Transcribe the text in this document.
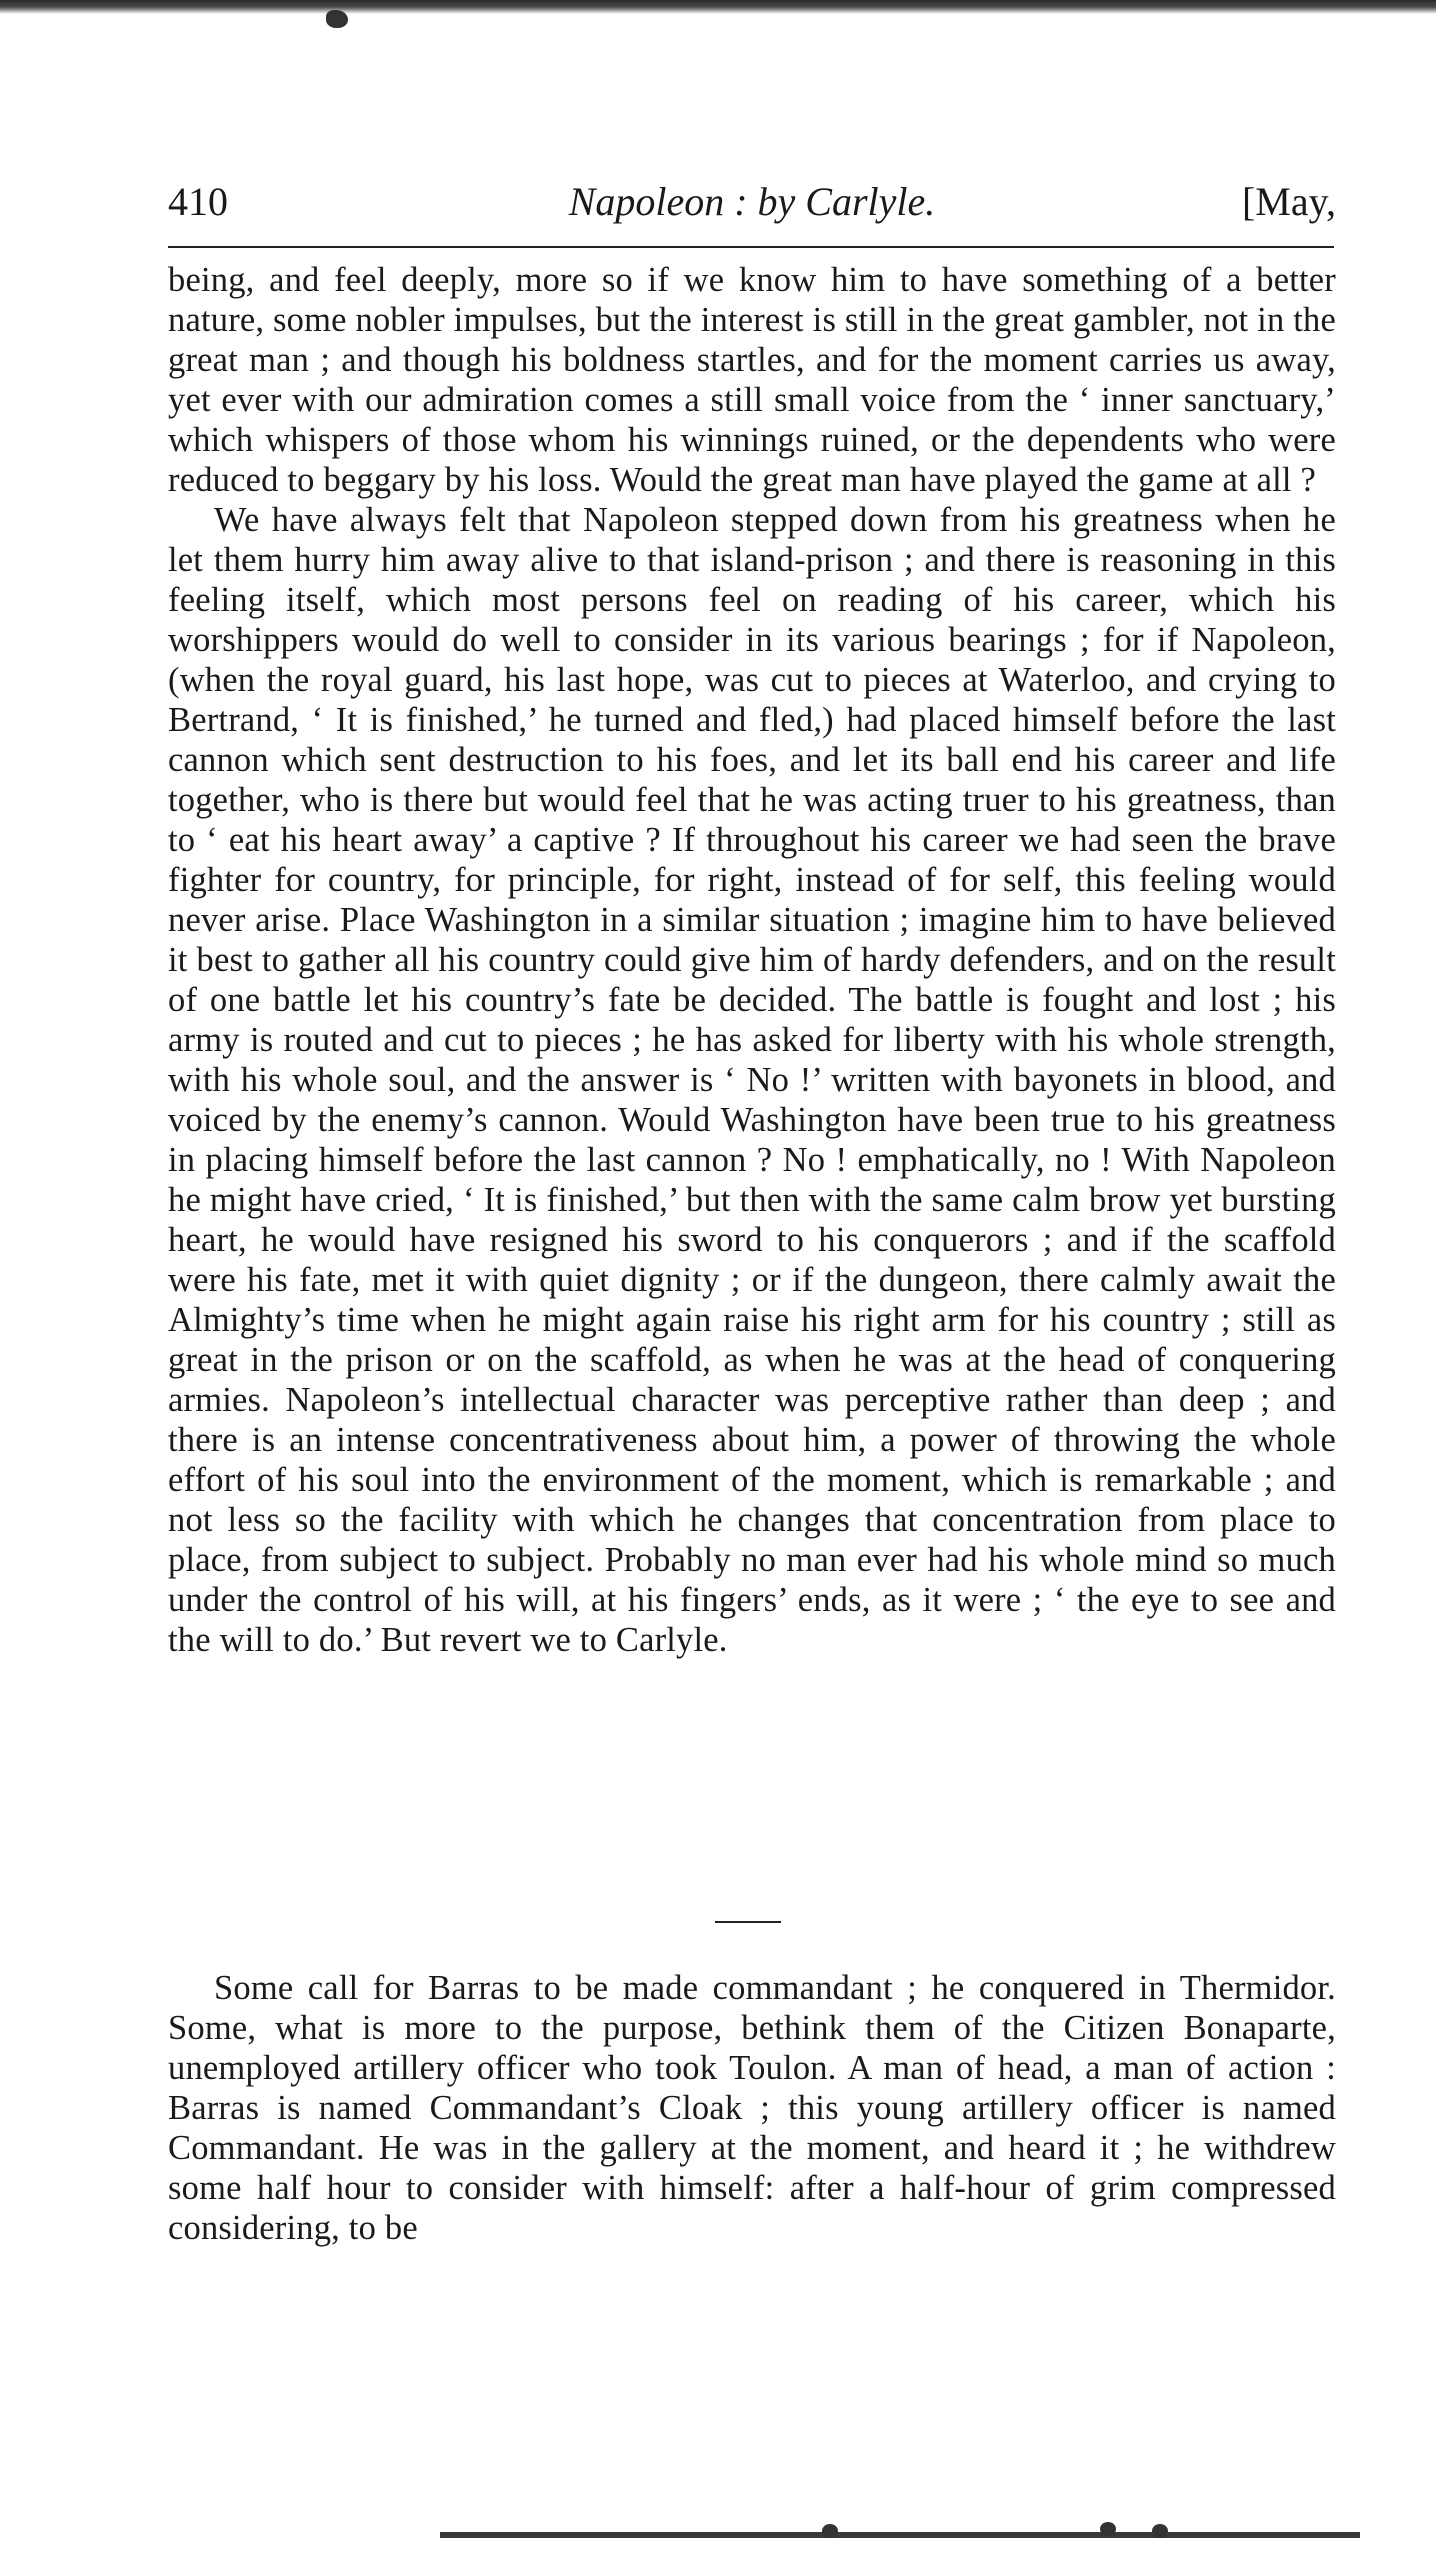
410	Napoleon : by Carlyle.	[May,

being, and feel deeply, more so if we know him to have something of a better nature, some nobler impulses, but the interest is still in the great gambler, not in the great man ; and though his boldness startles, and for the moment carries us away, yet ever with our admiration comes a still small voice from the ‘ inner sanctuary,’ which whispers of those whom his winnings ruined, or the dependents who were reduced to beggary by his loss. Would the great man have played the game at all ?

We have always felt that Napoleon stepped down from his greatness when he let them hurry him away alive to that island-prison ; and there is reasoning in this feeling itself, which most persons feel on reading of his career, which his worshippers would do well to consider in its various bearings ; for if Napoleon, (when the royal guard, his last hope, was cut to pieces at Waterloo, and crying to Bertrand, ‘ It is finished,’ he turned and fled,) had placed himself before the last cannon which sent destruction to his foes, and let its ball end his career and life together, who is there but would feel that he was acting truer to his greatness, than to ‘ eat his heart away’ a captive ? If throughout his career we had seen the brave fighter for country, for principle, for right, instead of for self, this feeling would never arise. Place Washington in a similar situation ; imagine him to have believed it best to gather all his country could give him of hardy defenders, and on the result of one battle let his country’s fate be decided. The battle is fought and lost ; his army is routed and cut to pieces ; he has asked for liberty with his whole strength, with his whole soul, and the answer is ‘ No !’ written with bayonets in blood, and voiced by the enemy’s cannon. Would Washington have been true to his greatness in placing himself before the last cannon ? No ! emphatically, no ! With Napoleon he might have cried, ‘ It is finished,’ but then with the same calm brow yet bursting heart, he would have resigned his sword to his conquerors ; and if the scaffold were his fate, met it with quiet dignity ; or if the dungeon, there calmly await the Almighty’s time when he might again raise his right arm for his country ; still as great in the prison or on the scaffold, as when he was at the head of conquering armies. Napoleon’s intellectual character was perceptive rather than deep ; and there is an intense concentrativeness about him, a power of throwing the whole effort of his soul into the environment of the moment, which is remarkable ; and not less so the facility with which he changes that concentration from place to place, from subject to subject. Probably no man ever had his whole mind so much under the control of his will, at his fingers’ ends, as it were ; ‘ the eye to see and the will to do.’ But revert we to Carlyle.

Some call for Barras to be made commandant ; he conquered in Thermidor. Some, what is more to the purpose, bethink them of the Citizen Bonaparte, unemployed artillery officer who took Toulon. A man of head, a man of action : Barras is named Commandant’s Cloak ; this young artillery officer is named Commandant. He was in the gallery at the moment, and heard it ; he withdrew some half hour to consider with himself: after a half-hour of grim compressed considering, to be
